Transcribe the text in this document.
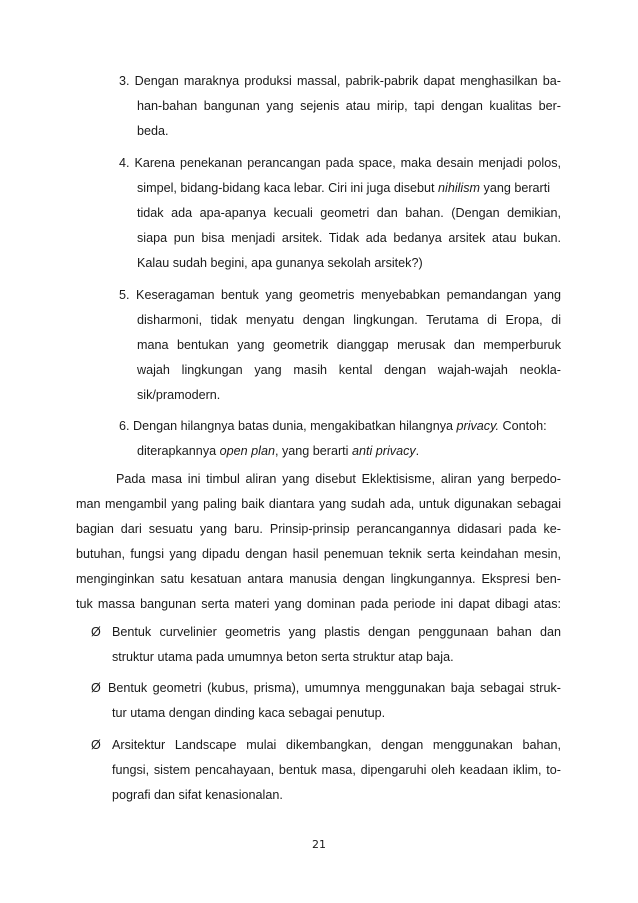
3. Dengan maraknya produksi massal, pabrik-pabrik dapat menghasilkan ba-
han-bahan bangunan yang sejenis atau mirip, tapi dengan kualitas ber-
beda.
4. Karena penekanan perancangan pada space, maka desain menjadi polos,
simpel, bidang-bidang kaca lebar. Ciri ini juga disebut nihilism yang berarti
tidak ada apa-apanya kecuali geometri dan bahan. (Dengan demikian,
siapa pun bisa menjadi arsitek. Tidak ada bedanya arsitek atau bukan.
Kalau sudah begini, apa gunanya sekolah arsitek?)
5. Keseragaman bentuk yang geometris menyebabkan pemandangan yang
disharmoni, tidak menyatu dengan lingkungan. Terutama di Eropa, di
mana bentukan yang geometrik dianggap merusak dan memperburuk
wajah lingkungan yang masih kental dengan wajah-wajah neokla-
sik/pramodern.
6. Dengan hilangnya batas dunia, mengakibatkan hilangnya privacy. Contoh:
diterapkannya open plan, yang berarti anti privacy.
Pada masa ini timbul aliran yang disebut Eklektisisme, aliran yang berpedo-
man mengambil yang paling baik diantara yang sudah ada, untuk digunakan sebagai
bagian dari sesuatu yang baru. Prinsip-prinsip perancangannya didasari pada ke-
butuhan, fungsi yang dipadu dengan hasil penemuan teknik serta keindahan mesin,
menginginkan satu kesatuan antara manusia dengan lingkungannya. Ekspresi ben-
tuk massa bangunan serta materi yang dominan pada periode ini dapat dibagi atas:
Ø Bentuk curvelinier geometris yang plastis dengan penggunaan bahan dan
struktur utama pada umumnya beton serta struktur atap baja.
Ø Bentuk geometri (kubus, prisma), umumnya menggunakan baja sebagai struk-
tur utama dengan dinding kaca sebagai penutup.
Ø Arsitektur Landscape mulai dikembangkan, dengan menggunakan bahan,
fungsi, sistem pencahayaan, bentuk masa, dipengaruhi oleh keadaan iklim, to-
pografi dan sifat kenasionalan.
21
